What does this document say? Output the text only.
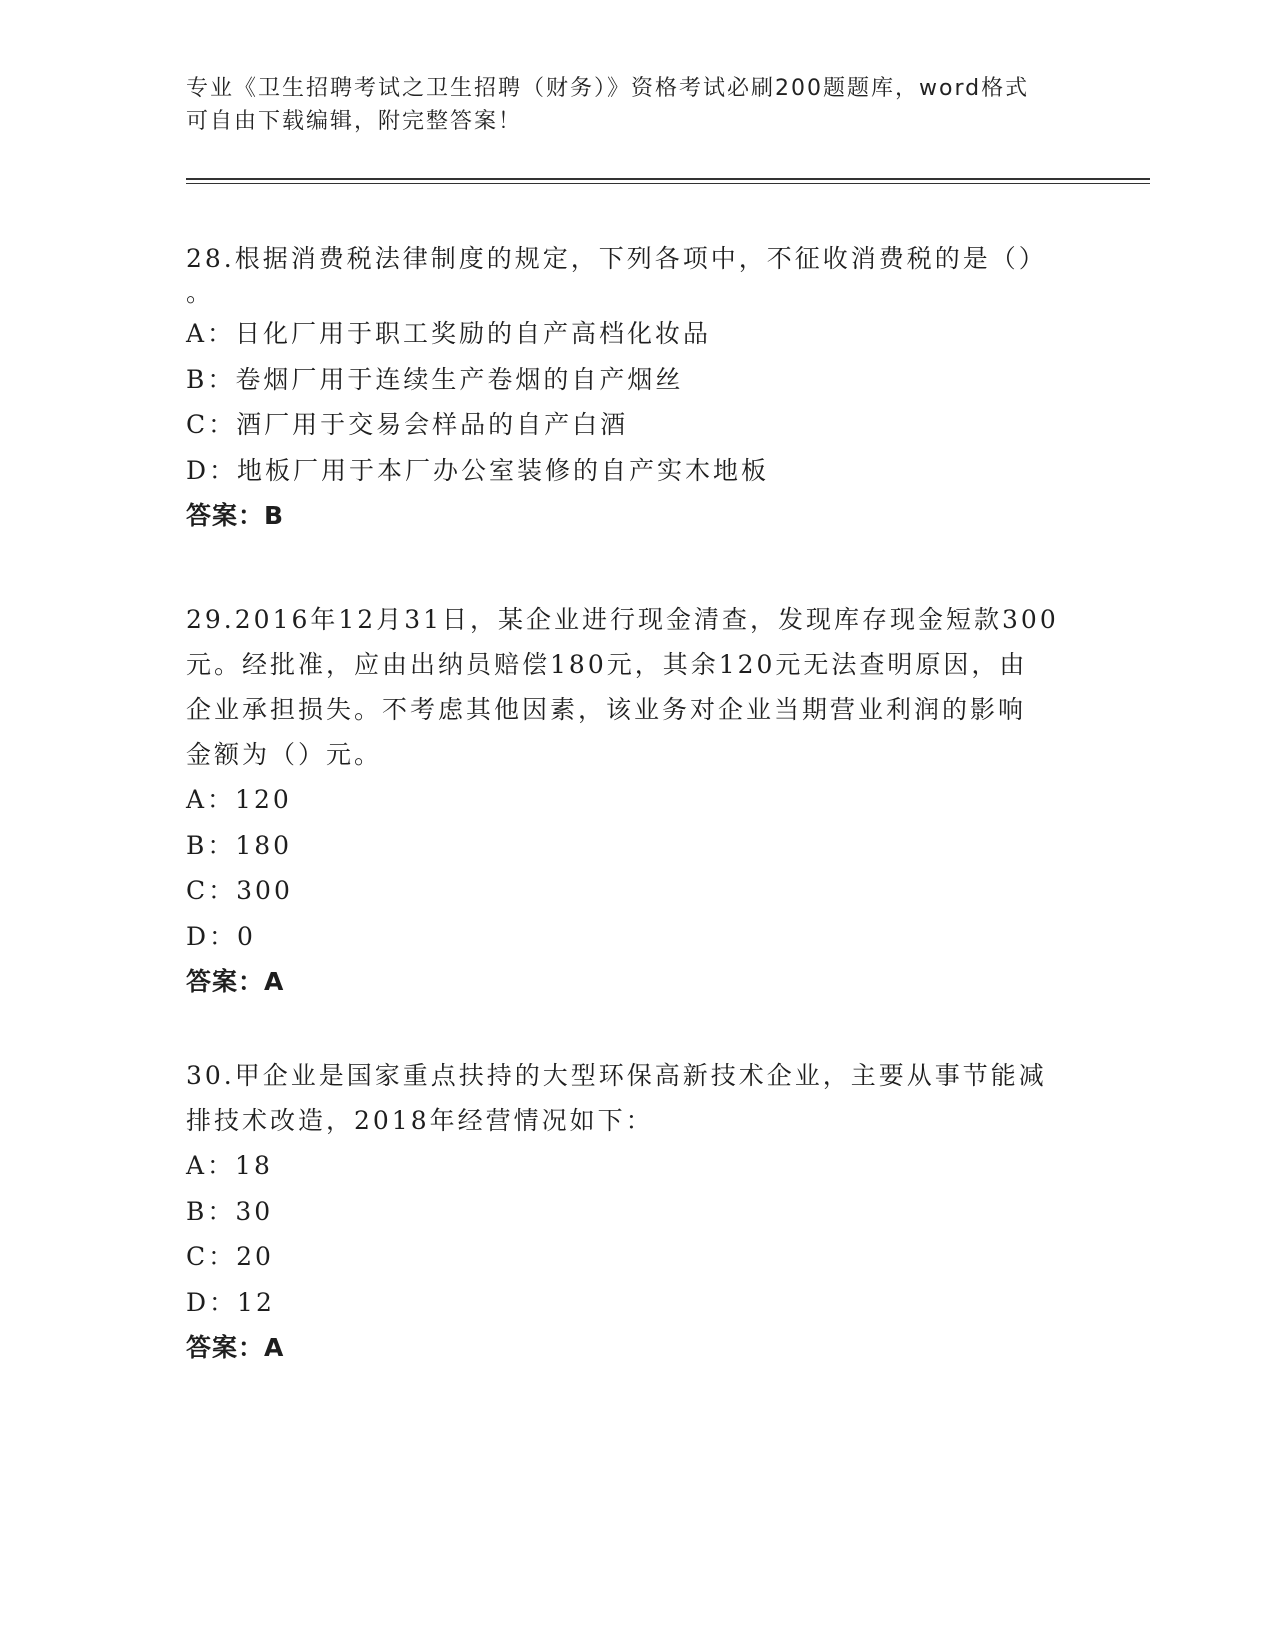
专业《卫生招聘考试之卫生招聘（财务）》资格考试必刷200题题库，word格式
可自由下载编辑，附完整答案！

28.根据消费税法律制度的规定，下列各项中，不征收消费税的是（）

。

A：日化厂用于职工奖励的自产高档化妆品

B：卷烟厂用于连续生产卷烟的自产烟丝

C：酒厂用于交易会样品的自产白酒

D：地板厂用于本厂办公室装修的自产实木地板

答案：B

29.2016年12月31日，某企业进行现金清查，发现库存现金短款300

元。经批准，应由出纳员赔偿180元，其余120元无法查明原因，由

企业承担损失。不考虑其他因素，该业务对企业当期营业利润的影响

金额为（）元。

A：120

B：180

C：300

D：0

答案：A

30.甲企业是国家重点扶持的大型环保高新技术企业，主要从事节能减

排技术改造，2018年经营情况如下：

A：18

B：30

C：20

D：12

答案：A
